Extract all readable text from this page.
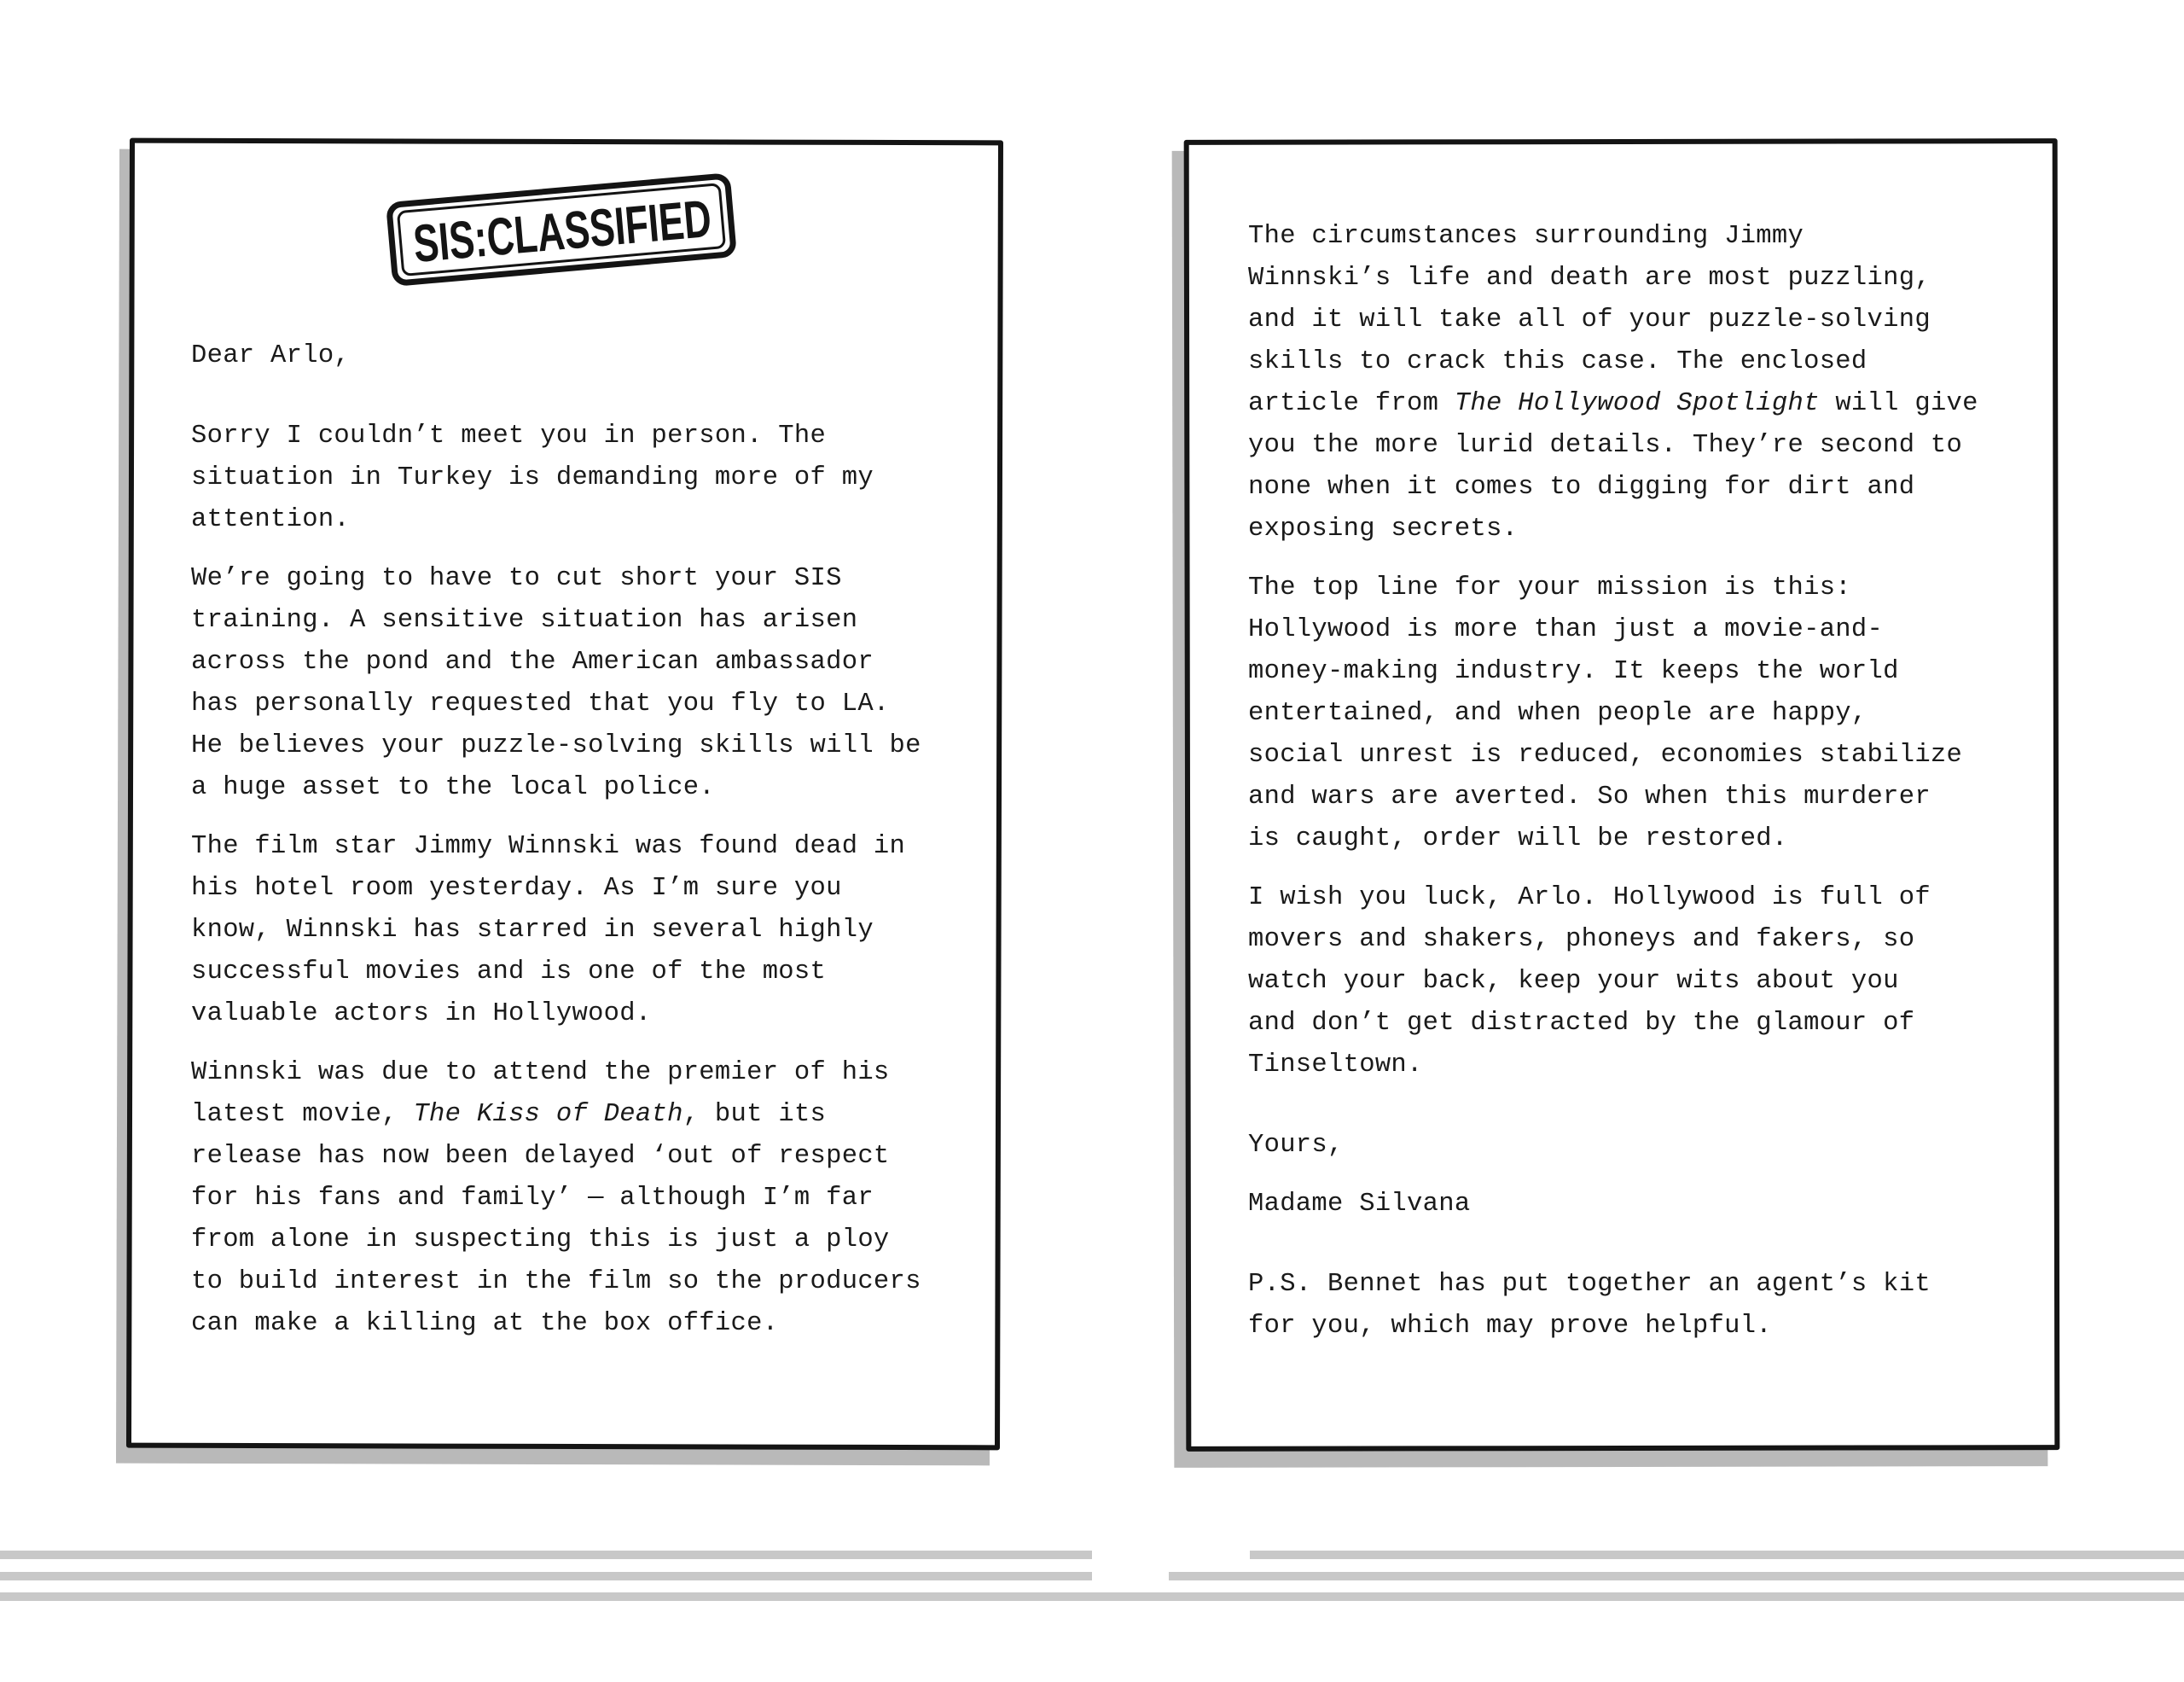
SIS:CLASSIFIED

Dear Arlo,

Sorry I couldn’t meet you in person. The

situation in Turkey is demanding more of my

attention.

We’re going to have to cut short your SIS

training. A sensitive situation has arisen

across the pond and the American ambassador

has personally requested that you fly to LA.

He believes your puzzle-solving skills will be

a huge asset to the local police.

The film star Jimmy Winnski was found dead in

his hotel room yesterday. As I’m sure you

know, Winnski has starred in several highly

successful movies and is one of the most

valuable actors in Hollywood.

Winnski was due to attend the premier of his

latest movie, The Kiss of Death, but its

release has now been delayed ‘out of respect

for his fans and family’ — although I’m far

from alone in suspecting this is just a ploy

to build interest in the film so the producers

can make a killing at the box office.

The circumstances surrounding Jimmy

Winnski’s life and death are most puzzling,

and it will take all of your puzzle-solving

skills to crack this case. The enclosed

article from The Hollywood Spotlight will give

you the more lurid details. They’re second to

none when it comes to digging for dirt and

exposing secrets.

The top line for your mission is this:

Hollywood is more than just a movie-and-

money-making industry. It keeps the world

entertained, and when people are happy,

social unrest is reduced, economies stabilize

and wars are averted. So when this murderer

is caught, order will be restored.

I wish you luck, Arlo. Hollywood is full of

movers and shakers, phoneys and fakers, so

watch your back, keep your wits about you

and don’t get distracted by the glamour of

Tinseltown.

Yours,

Madame Silvana

P.S. Bennet has put together an agent’s kit

for you, which may prove helpful.
